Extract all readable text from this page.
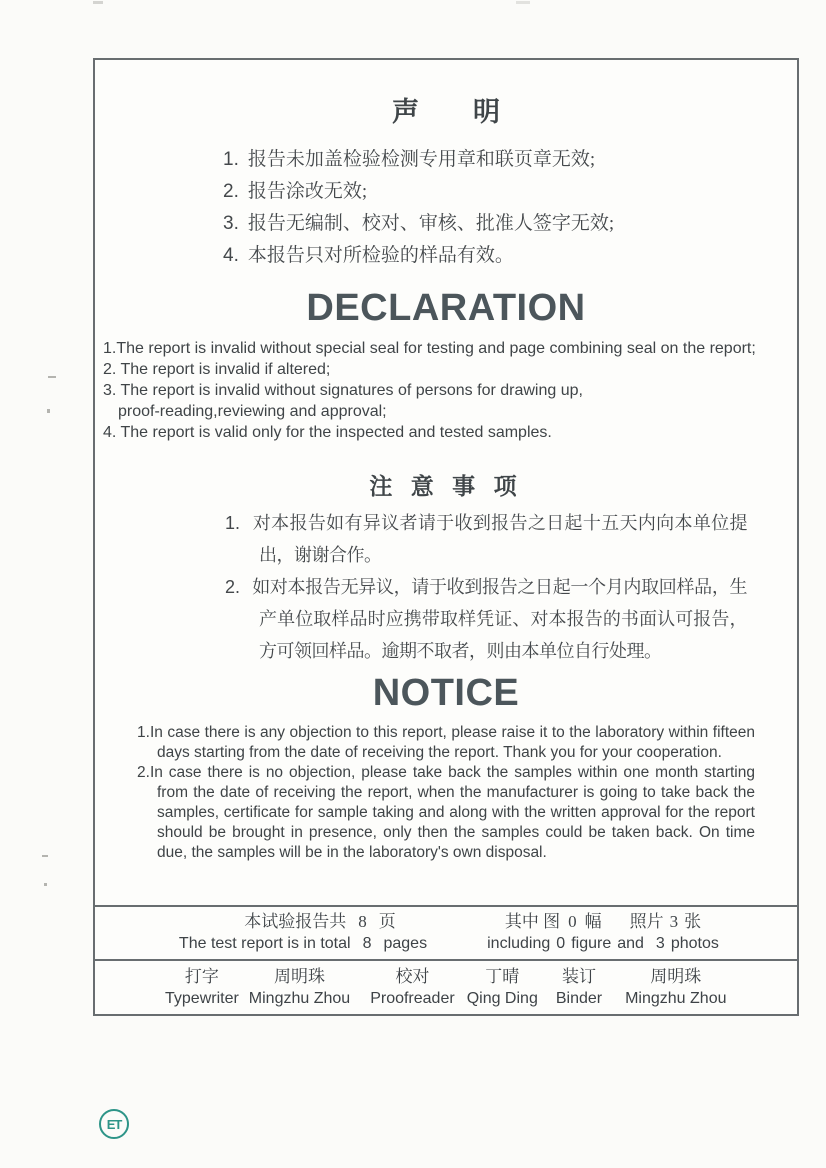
声　　明
1. 报告未加盖检验检测专用章和联页章无效;
2. 报告涂改无效;
3. 报告无编制、校对、审核、批准人签字无效;
4. 本报告只对所检验的样品有效。
DECLARATION
1.The report is invalid without special seal for testing and page combining seal on the report;
2. The report is invalid if altered;
3. The report is invalid without signatures of persons for drawing up,
proof-reading,reviewing and approval;
4. The report is valid only for the inspected and tested samples.
注 意 事 项
1. 对本报告如有异议者请于收到报告之日起十五天内向本单位提出，谢谢合作。
2. 如对本报告无异议，请于收到报告之日起一个月内取回样品，生产单位取样品时应携带取样凭证、对本报告的书面认可报告，方可领回样品。逾期不取者，则由本单位自行处理。
NOTICE
1.In case there is any objection to this report, please raise it to the laboratory within fifteen days starting from the date of receiving the report. Thank you for your cooperation.
2.In case there is no objection, please take back the samples within one month starting from the date of receiving the report, when the manufacturer is going to take back the samples, certificate for sample taking and along with the written approval for the report should be brought in presence, only then the samples could be taken back. On time due, the samples will be in the laboratory's own disposal.
本试验报告共 8 页
The test report is in total 8 pages
其中 图 0 幅 照片 3 张
including 0 figure and 3 photos
打字
Typewriter
周明珠
Mingzhu Zhou
校对
Proofreader
丁晴
Qing Ding
装订
Binder
周明珠
Mingzhu Zhou
ET
